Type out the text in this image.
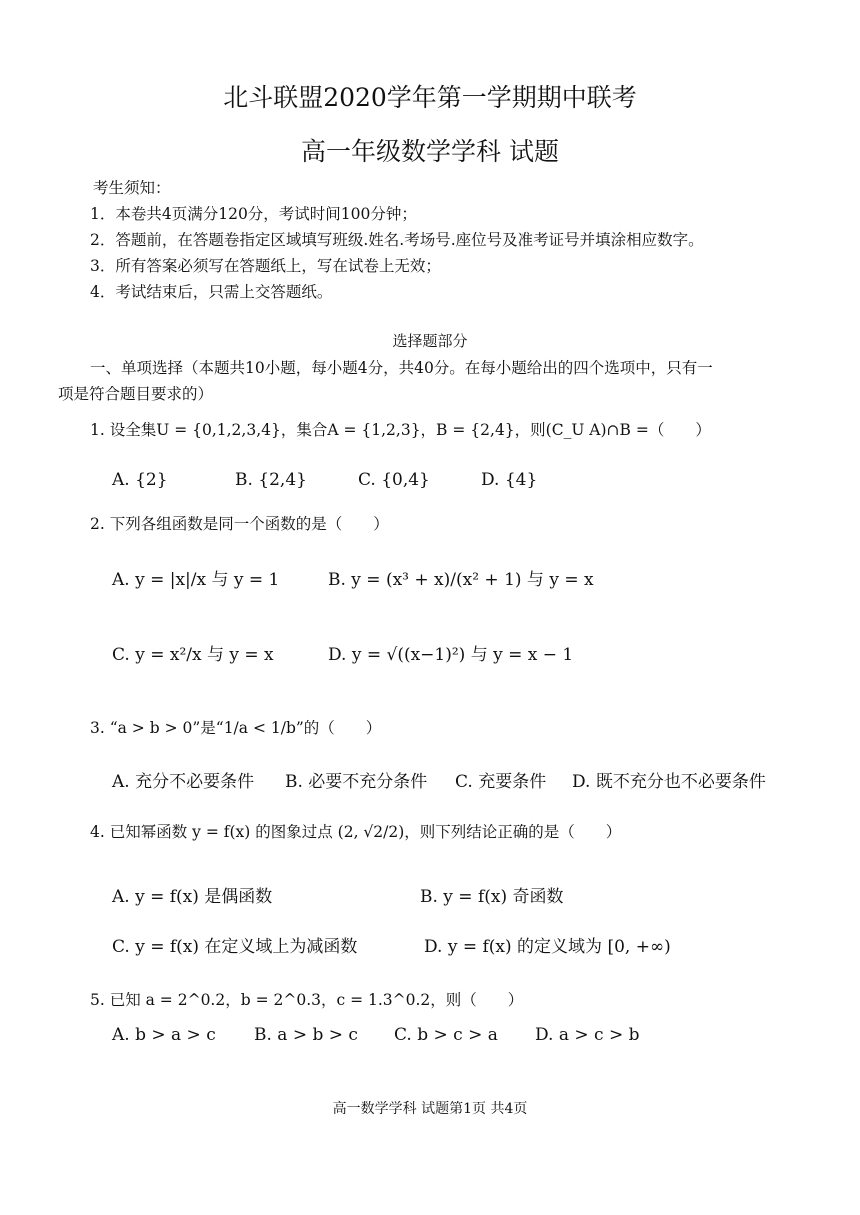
北斗联盟2020学年第一学期期中联考
高一年级数学学科 试题
考生须知：
1．本卷共4页满分120分，考试时间100分钟；
2．答题前，在答题卷指定区域填写班级.姓名.考场号.座位号及准考证号并填涂相应数字。
3．所有答案必须写在答题纸上，写在试卷上无效；
4．考试结束后，只需上交答题纸。
选择题部分
一、单项选择（本题共10小题，每小题4分，共40分。在每小题给出的四个选项中，只有一
项是符合题目要求的）
1. 设全集U = {0,1,2,3,4}，集合A = {1,2,3}，B = {2,4}，则(C_U A)∩B =（　　）
A. {2}	B. {2,4}	C. {0,4}	D. {4}
2. 下列各组函数是同一个函数的是（　　）
A. y = |x|/x 与 y = 1	B. y = (x³ + x)/(x² + 1) 与 y = x
C. y = x²/x 与 y = x	D. y = √((x−1)²) 与 y = x − 1
3. “a > b > 0”是“1/a < 1/b”的（　　）
A. 充分不必要条件 B. 必要不充分条件 C. 充要条件 D. 既不充分也不必要条件
4. 已知幂函数 y = f(x) 的图象过点 (2, √2/2)，则下列结论正确的是（　　）
A. y = f(x) 是偶函数	B. y = f(x) 奇函数
C. y = f(x) 在定义域上为减函数	D. y = f(x) 的定义域为 [0, +∞)
5. 已知 a = 2^0.2，b = 2^0.3，c = 1.3^0.2，则（　　）
A. b > a > c B. a > b > c C. b > c > a D. a > c > b
高一数学学科 试题第1页 共4页
